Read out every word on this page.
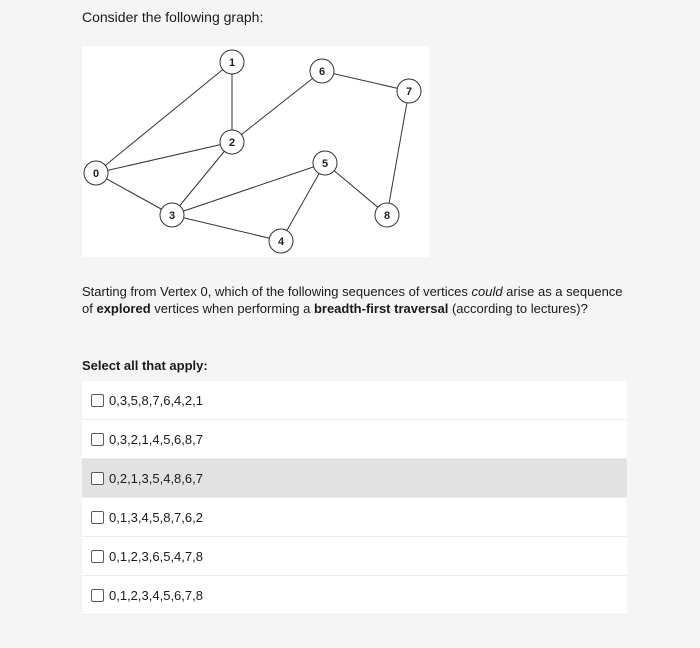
Consider the following graph:
0
1
2
3
4
5
6
7
8
Starting from Vertex 0, which of the following sequences of vertices could arise as a sequence of explored vertices when performing a breadth-first traversal (according to lectures)?
Select all that apply:
0,3,5,8,7,6,4,2,1
0,3,2,1,4,5,6,8,7
0,2,1,3,5,4,8,6,7
0,1,3,4,5,8,7,6,2
0,1,2,3,6,5,4,7,8
0,1,2,3,4,5,6,7,8
